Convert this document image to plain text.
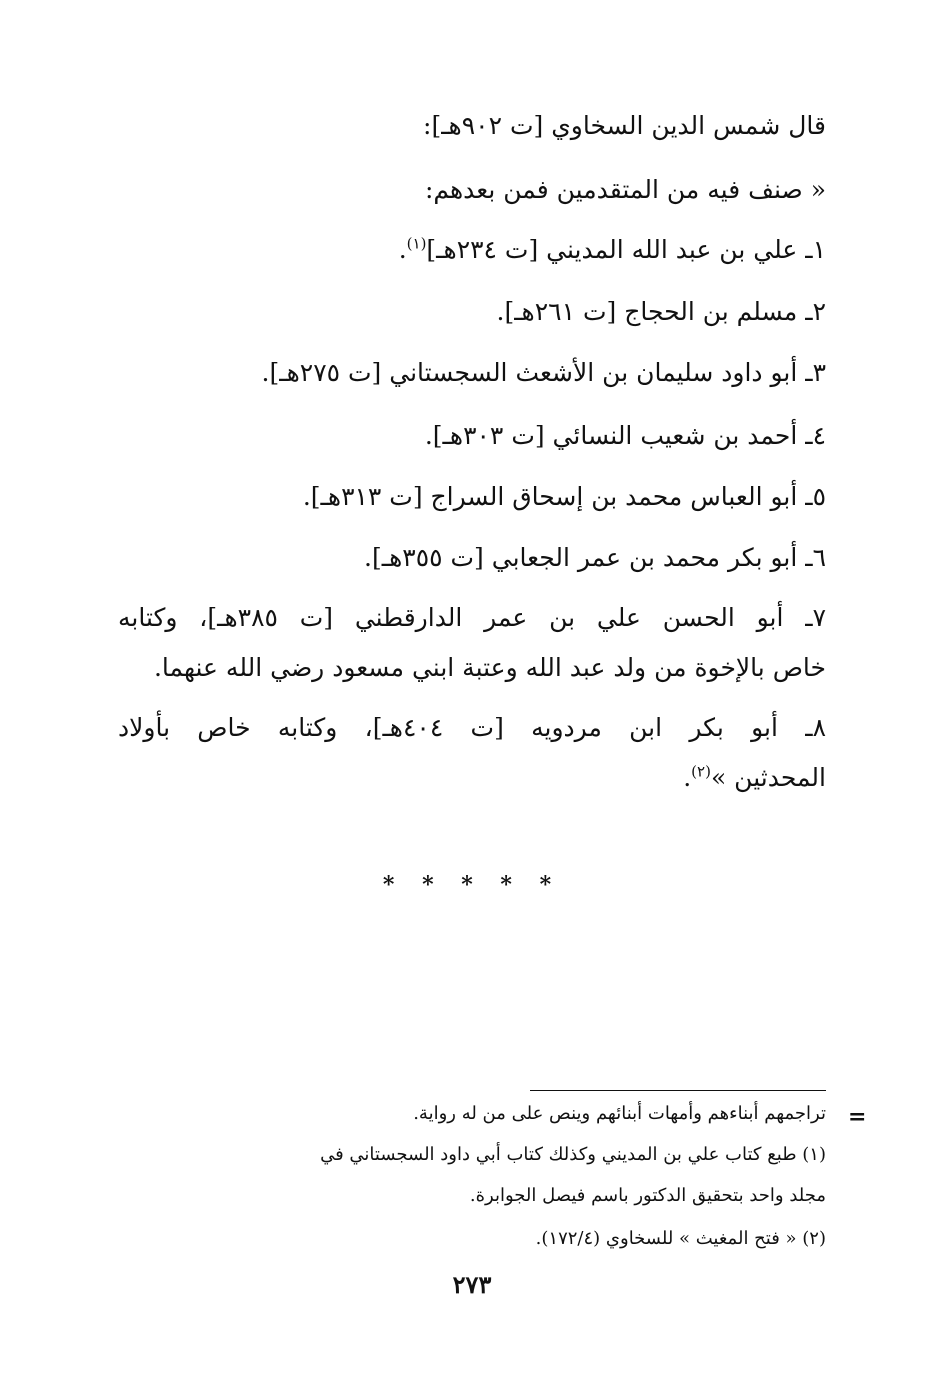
قال شمس الدين السخاوي [ت ٩٠٢هـ]:
« صنف فيه من المتقدمين فمن بعدهم:
١ـ علي بن عبد الله المديني [ت ٢٣٤هـ]$^{(١)}$.
٢ـ مسلم بن الحجاج [ت ٢٦١هـ].
٣ـ أبو داود سليمان بن الأشعث السجستاني [ت ٢٧٥هـ].
٤ـ أحمد بن شعيب النسائي [ت ٣٠٣هـ].
٥ـ أبو العباس محمد بن إسحاق السراج [ت ٣١٣هـ].
٦ـ أبو بكر محمد بن عمر الجعابي [ت ٣٥٥هـ].
٧ـ أبو الحسن علي بن عمر الدارقطني [ت ٣٨٥هـ]، وكتابه
خاص بالإخوة من ولد عبد الله وعتبة ابني مسعود رضي الله عنهما.
٨ـ أبو بكر ابن مردويه [ت ٤٠٤هـ]، وكتابه خاص بأولاد
المحدثين »$^{(٢)}$.
* * * * *
=
تراجمهم أبناءهم وأمهات أبنائهم وينص على من له رواية.
(١) طبع كتاب علي بن المديني وكذلك كتاب أبي داود السجستاني في
مجلد واحد بتحقيق الدكتور باسم فيصل الجوابرة.
(٢) « فتح المغيث » للسخاوي (١٧٢/٤).
٢٧٣
